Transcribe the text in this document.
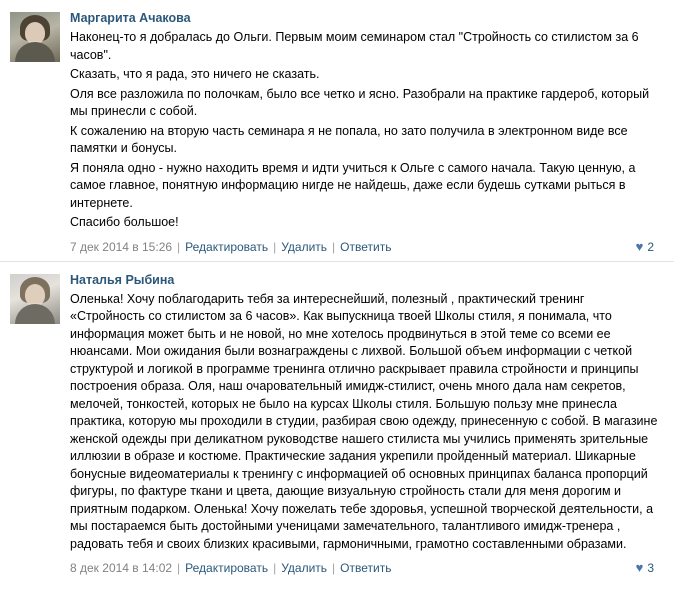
Маргарита Ачакова

Наконец-то я добралась до Ольги. Первым моим семинаром стал "Стройность со стилистом за 6 часов".

Сказать, что я рада, это ничего не сказать.

Оля все разложила по полочкам, было все четко и ясно. Разобрали на практике гардероб, который мы принесли с собой.

К сожалению на вторую часть семинара я не попала, но зато получила в электронном виде все памятки и бонусы.

Я поняла одно - нужно находить время и идти учиться к Ольге с самого начала. Такую ценную, а самое главное, понятную информацию нигде не найдешь, даже если будешь сутками рыться в интернете.

Спасибо большое!

7 дек 2014 в 15:26 | Редактировать | Удалить | Ответить	♥ 2
Наталья Рыбина

Оленька! Хочу поблагодарить тебя за интереснейший, полезный , практический тренинг «Стройность со стилистом за 6 часов». Как выпускница твоей Школы стиля, я понимала, что информация может быть и не новой, но мне хотелось продвинуться в этой теме со всеми ее нюансами. Мои ожидания были вознаграждены с лихвой. Большой объем информации с четкой структурой и логикой в программе тренинга отлично раскрывает правила стройности и принципы построения образа. Оля, наш очаровательный имидж-стилист, очень много дала нам секретов, мелочей, тонкостей, которых не было на курсах Школы стиля. Большую пользу мне принесла практика, которую мы проходили в студии, разбирая свою одежду, принесенную с собой. В магазине женской одежды при деликатном руководстве нашего стилиста мы учились применять зрительные иллюзии в образе и костюме. Практические задания укрепили пройденный материал. Шикарные бонусные видеоматериалы к тренингу с информацией об основных принципах баланса пропорций фигуры, по фактуре ткани и цвета, дающие визуальную стройность стали для меня дорогим и приятным подарком. Оленька! Хочу пожелать тебе здоровья, успешной творческой деятельности, а мы постараемся быть достойными ученицами замечательного, талантливого имидж-тренера , радовать тебя и своих близких красивыми, гармоничными, грамотно составленными образами.

8 дек 2014 в 14:02 | Редактировать | Удалить | Ответить	♥ 3
